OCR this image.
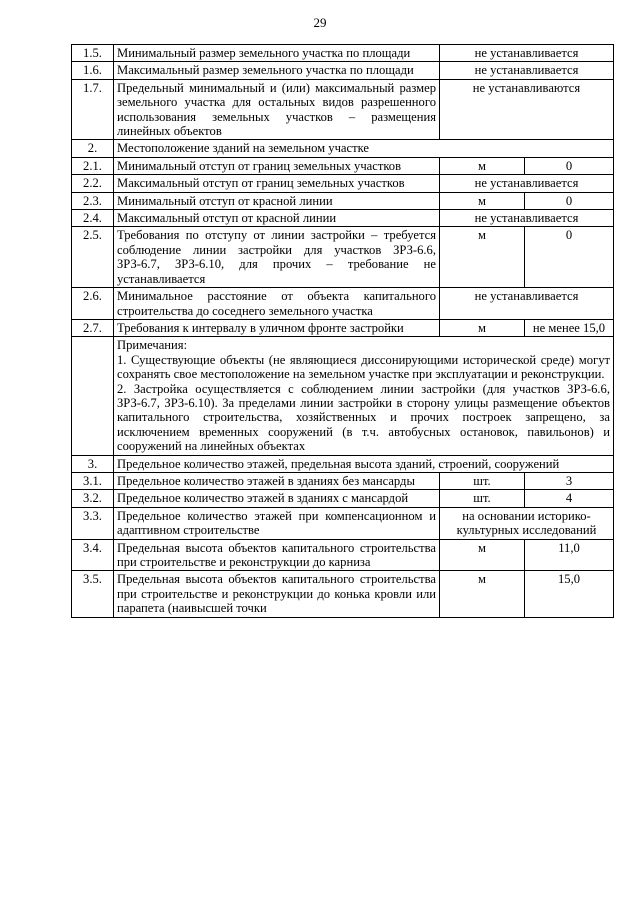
29
1.5.	Минимальный размер земельного участка по площади	не устанавливается	
1.6.	Максимальный размер земельного участка по площади	не устанавливается	
1.7.	Предельный минимальный и (или) максимальный размер земельного участка для остальных видов разрешенного использования земельных участков – размещения линейных объектов	не устанавливаются	
2.	Местоположение зданий на земельном участке		
2.1.	Минимальный отступ от границ земельных участков	м	0
2.2.	Максимальный отступ от границ земельных участков	не устанавливается	
2.3.	Минимальный отступ от красной линии	м	0
2.4.	Максимальный отступ от красной линии	не устанавливается	
2.5.	Требования по отступу от линии застройки – требуется соблюдение линии застройки для участков ЗРЗ-6.6, ЗРЗ-6.7, ЗРЗ-6.10, для прочих – требование не устанавливается	м	0
2.6.	Минимальное расстояние от объекта капитального строительства до соседнего земельного участка	не устанавливается	
2.7.	Требования к интервалу в уличном фронте застройки	м	не менее 15,0

	Примечания:

1. Существующие объекты (не являющиеся диссонирующими исторической среде) могут сохранять свое местоположение на земельном участке при эксплуатации и реконструкции.

2. Застройка осуществляется с соблюдением линии застройки (для участков ЗРЗ-6.6, ЗРЗ-6.7, ЗРЗ-6.10). За пределами линии застройки в сторону улицы размещение объектов капитального строительства, хозяйственных и прочих построек запрещено, за исключением временных сооружений (в т.ч. автобусных остановок, павильонов) и сооружений на линейных объектах		

3.	Предельное количество этажей, предельная высота зданий, строений, сооружений		
3.1.	Предельное количество этажей в зданиях без мансарды	шт.	3
3.2.	Предельное количество этажей в зданиях с мансардой	шт.	4
3.3.	Предельное количество этажей при компенсационном и адаптивном строительстве	на основании историко-культурных исследований	
3.4.	Предельная высота объектов капитального строительства при строительстве и реконструкции до карниза	м	11,0
3.5.	Предельная высота объектов капитального строительства при строительстве и реконструкции до конька кровли или парапета (наивысшей точки	м	15,0
